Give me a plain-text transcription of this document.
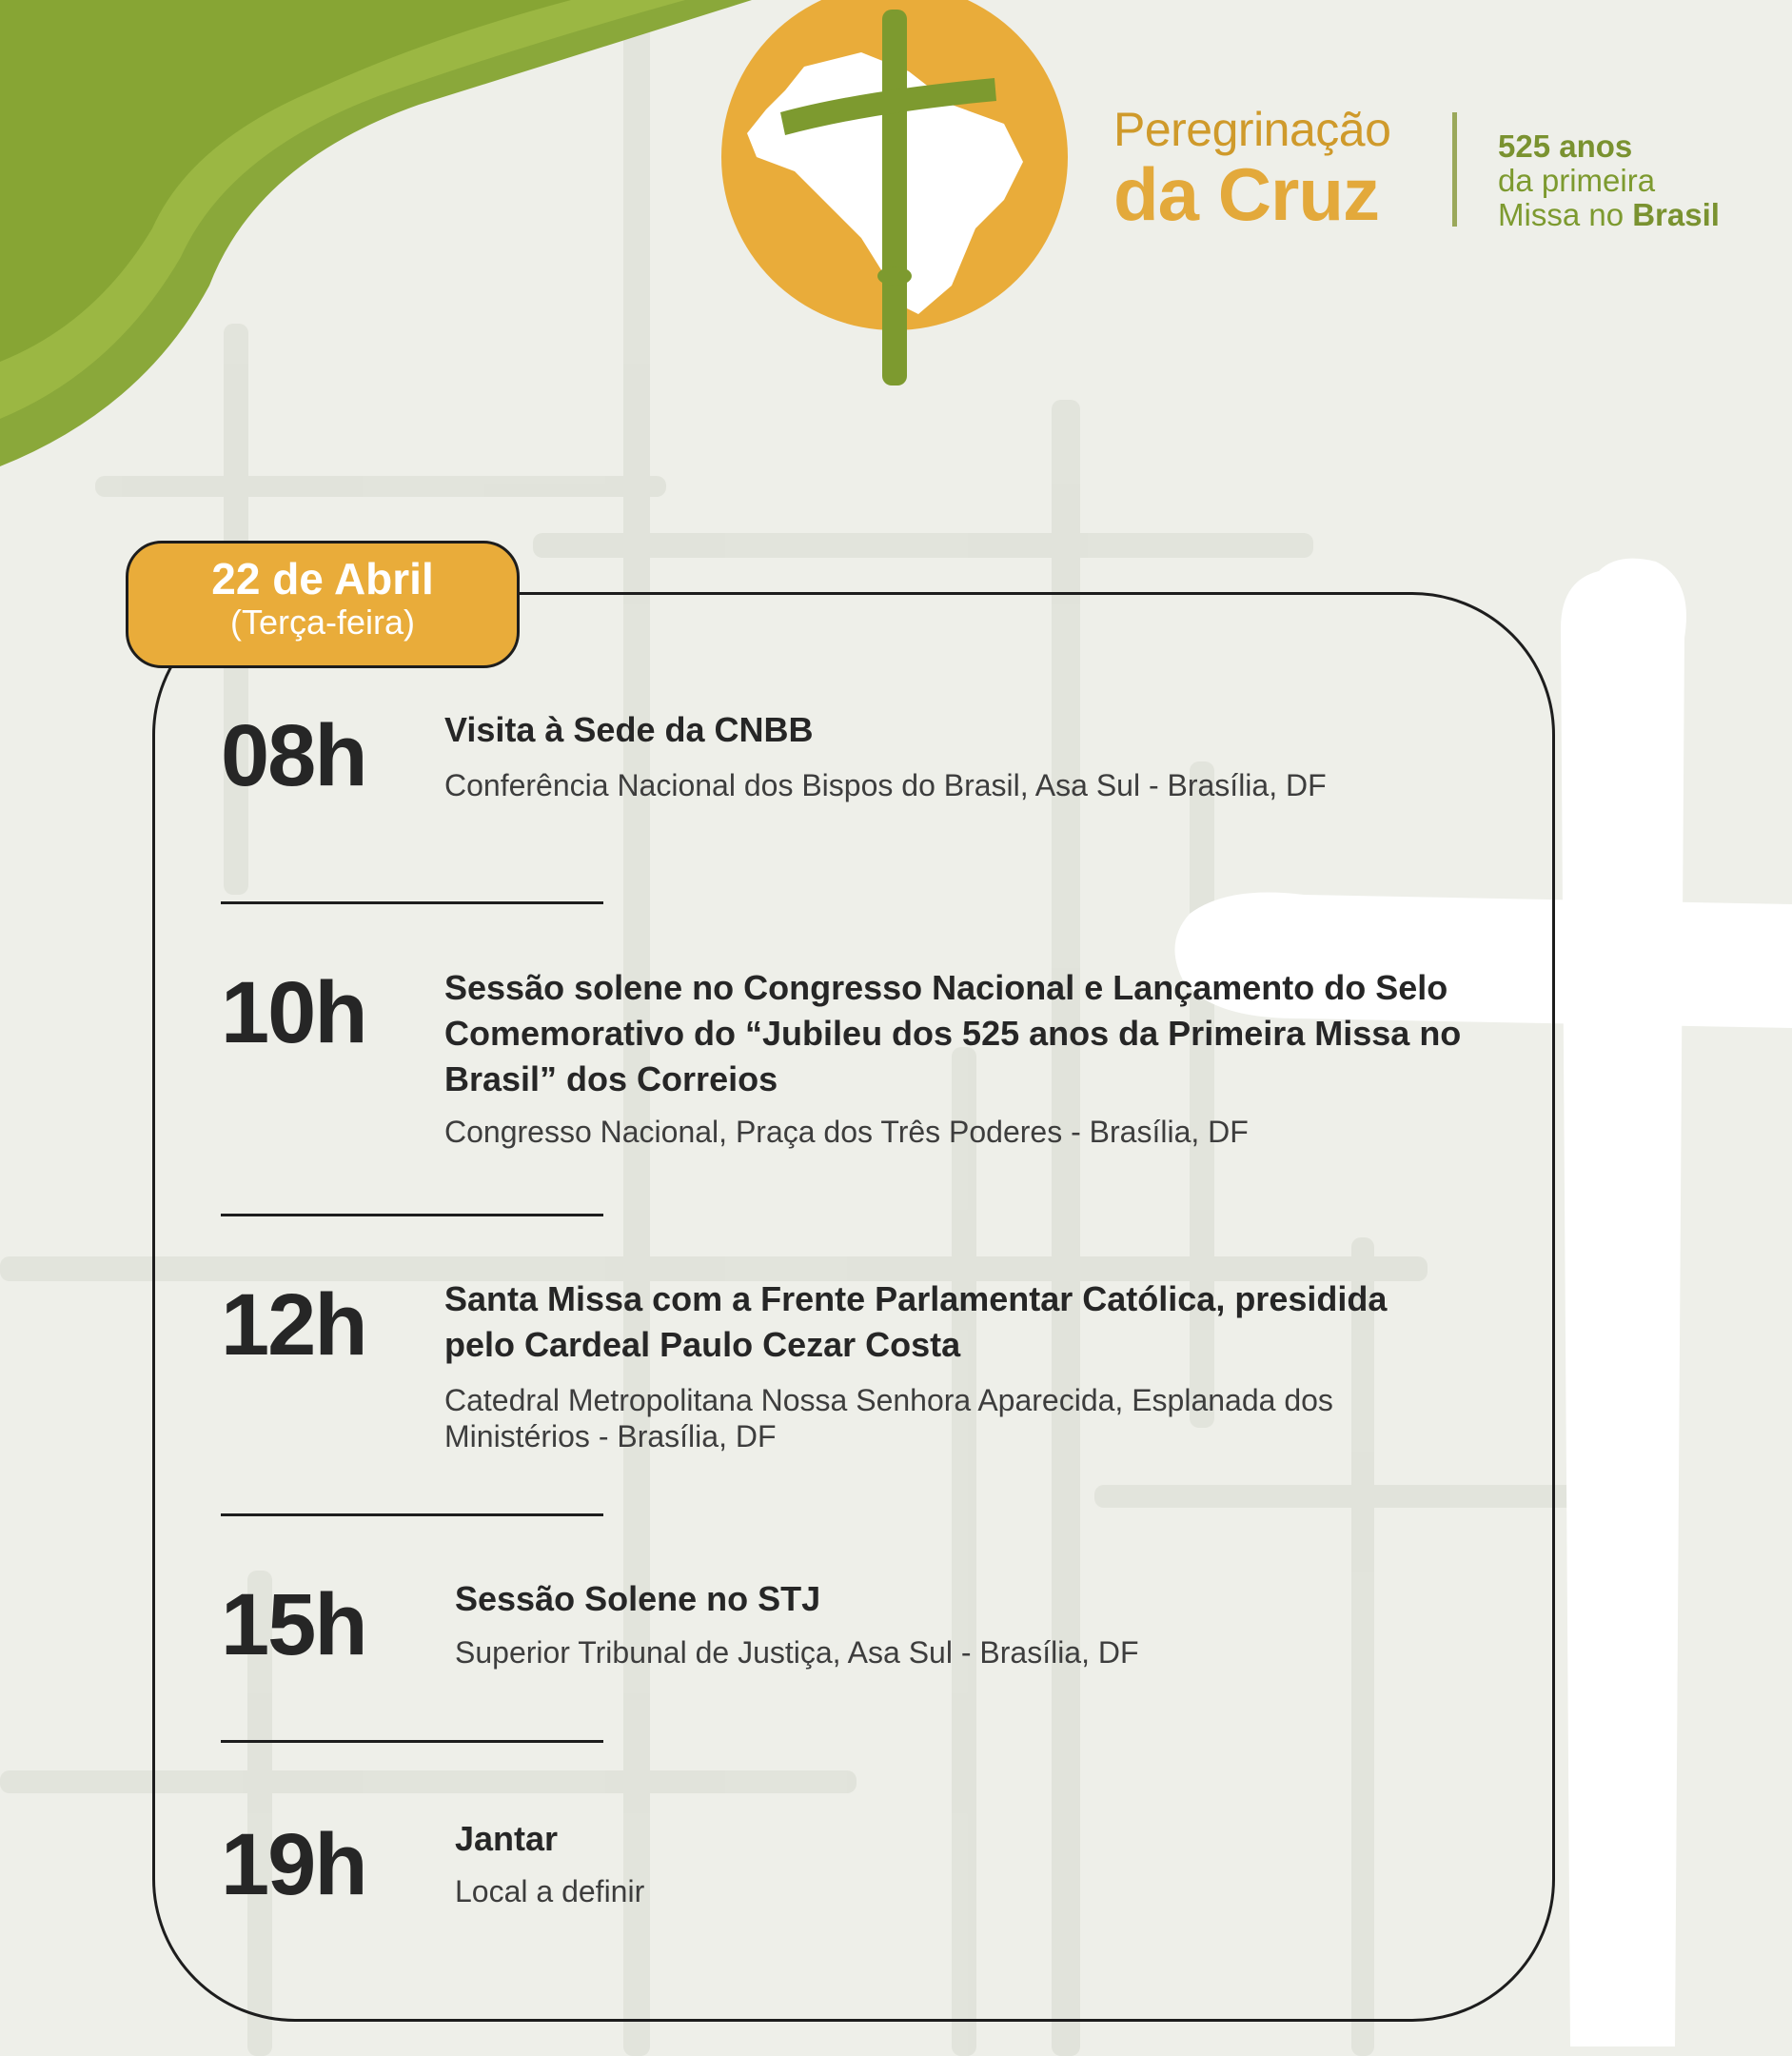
Peregrinação
da Cruz
525 anos
da primeira
Missa no Brasil
22 de Abril
(Terça-feira)
08h Visita à Sede da CNBB
Conferência Nacional dos Bispos do Brasil, Asa Sul - Brasília, DF
10h Sessão solene no Congresso Nacional e Lançamento do Selo Comemorativo do “Jubileu dos 525 anos da Primeira Missa no Brasil” dos Correios
Congresso Nacional, Praça dos Três Poderes - Brasília, DF
12h Santa Missa com a Frente Parlamentar Católica, presidida pelo Cardeal Paulo Cezar Costa
Catedral Metropolitana Nossa Senhora Aparecida, Esplanada dos Ministérios - Brasília, DF
15h	Sessão Solene no STJ
Superior Tribunal de Justiça, Asa Sul - Brasília, DF
19h	Jantar
Local a definir
